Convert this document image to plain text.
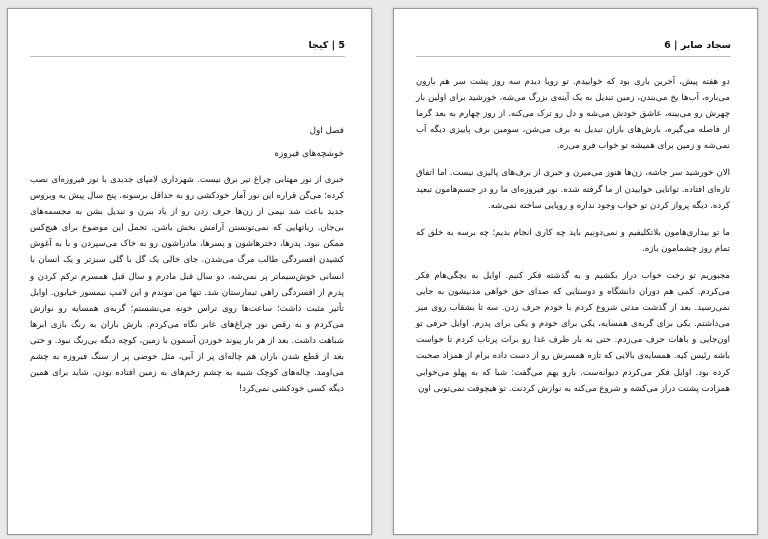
5 | کیجا
فصل اول
خوشچه‌های فیروزه

خبری از نور مهتابی چراغ تیر برق نیست. شهرداری لامپای جدیدی با نور فیروزه‌ای نصب کرده؛ می‌گن قراره این نور آمار خودکشی رو به حداقل برسونه. پنج سال پیش یه ویروس جدید باعث شد نیمی از زن‌ها حرف زدن رو از یاد ببرن و تبدیل بشن به مجسمه‌های بی‌جان. رباتهایی که نمی‌تونستن آرامش بخش باشن. تحمل این موضوع برای هیچ‌کس ممکن نبود. پدرها، دخترهاشون و پسرها، مادراشون رو به خاک می‌سپردن و با به آغوش کشیدن افسردگی طالب مرگ می‌شدن. جای خالی یک گل با گلی سبزتر و یک انسان با انسانی خوش‌سیماتر پر نمی‌شه. دو سال قبل مادرم و سال قبل همسرم ترکم کردن و پدرم از افسردگی راهی تیمارستان شد. تنها من موندم و این لامپ نیمسوز خیابون. اوایل تأثیر مثبت داشت؛ ساعت‌ها روی تراس خونه می‌نشستم؛ گربه‌ی همسایه رو نوازش می‌کردم و به رقص نور چراغ‌های عابر نگاه می‌کردم. بارش باران به رنگ بازی ابرها شباهت داشت. بعد از هر بار پیوند خوردن آسمون با زمین، کوچه دیگه بی‌رنگ نبود. و حتی بعد از قطع شدن باران هم چاله‌ای پر از آبی، مثل حوضی پر از سنگ فیروزه به چشم می‌اومد. چاله‌های کوچک شبیه به چشم زخم‌های به زمین افتاده بودن. شاید برای همین دیگه کسی خودکشی نمی‌کرد!

سجاد صابر | 6

دو هفته پیش، آخرین باری بود که خوابیدم. تو رویا دیدم سه روز پشت سر هم بارون می‌باره، آب‌ها یخ می‌بندن، زمین تبدیل به یک آینه‌ی بزرگ می‌شه، خورشید برای اولین بار چهرش رو می‌بینه، عاشق خودش می‌شه و دل رو ترک می‌کنه. از روز چهارم به بعد گرما از فاصله می‌گیره، بارش‌های باران تبدیل به برف می‌شن، سومین برف پاییزی دیگه آب نمی‌شه و زمین برای همیشه تو خواب فرو می‌ره.

الان خورشید سر جاشه، زن‌ها هنوز می‌میرن و خبری از برف‌های پالیزی نیست. اما اتفاق تازه‌ای افتاده. توانایی خوابیدن از ما گرفته شده. نور فیروزه‌ای ما رو در جسم‌هامون تبعید کرده. دیگه پرواز کردن تو خواب وجود نداره و رویایی ساخته نمی‌شه.

ما تو بیداری‌هامون بلاتکلیفیم و نمی‌دونیم باید چه کاری انجام بدیم؛ چه برسه به خلق که تمام روز چشمامون بازه.

مجبوریم تو رخت خواب دراز بکشیم و به گذشته فکر کنیم. اوایل به بچگی‌هام فکر می‌کردم. کمی هم دوران دانشگاه و دوستایی که صدای حق خواهی مدنیشون به جایی نمی‌رسید. بعد از گذشت مدتی شروع کردم با خودم حرف زدن. سه تا بشقاب روی میز می‌ذاشتم. یکی برای گربه‌ی همسایه، یکی برای خودم و یکی برای پدرم. اوایل حرفی تو اون‌جایی و باهات حرف می‌زدم. حتی به بار ظرف غذا رو برات پرتاب کردم تا خواست باشه رئیس کیه. همسایه‌ی بالایی که تازه همسرش رو از دست داده برام از همزاد صحبت کرده بود. اوایل فکر می‌کردم دیوانه‌ست. بارو بهم می‌گفت: شبا که به پهلو می‌خوابی همزادت پشتت دراز می‌کشه و شروع می‌کنه به نوازش کردنت. تو هیچوقت نمی‌تونی اون
